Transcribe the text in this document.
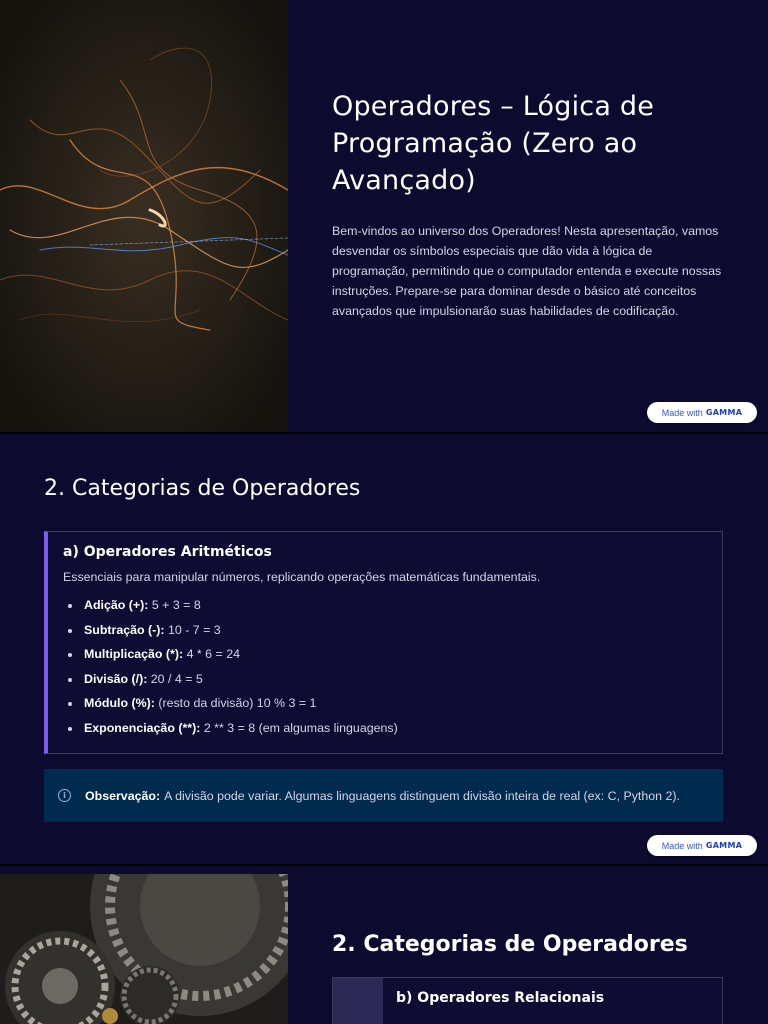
Operadores – Lógica de Programação (Zero ao Avançado)

Bem-vindos ao universo dos Operadores! Nesta apresentação, vamos desvendar os símbolos especiais que dão vida à lógica de programação, permitindo que o computador entenda e execute nossas instruções. Prepare-se para dominar desde o básico até conceitos avançados que impulsionarão suas habilidades de codificação.

Made with GAMMA
2. Categorias de Operadores
a) Operadores Aritméticos

Essenciais para manipular números, replicando operações matemáticas fundamentais.

Adição (+): 5 + 3 = 8
Subtração (-): 10 - 7 = 3
Multiplicação (*): 4 * 6 = 24
Divisão (/): 20 / 4 = 5
Módulo (%): (resto da divisão) 10 % 3 = 1
Exponenciação (**): 2 ** 3 = 8 (em algumas linguagens)
i	Observação: A divisão pode variar. Algumas linguagens distinguem divisão inteira de real (ex: C, Python 2).
Made with GAMMA
2. Categorias de Operadores
b) Operadores Relacionais
